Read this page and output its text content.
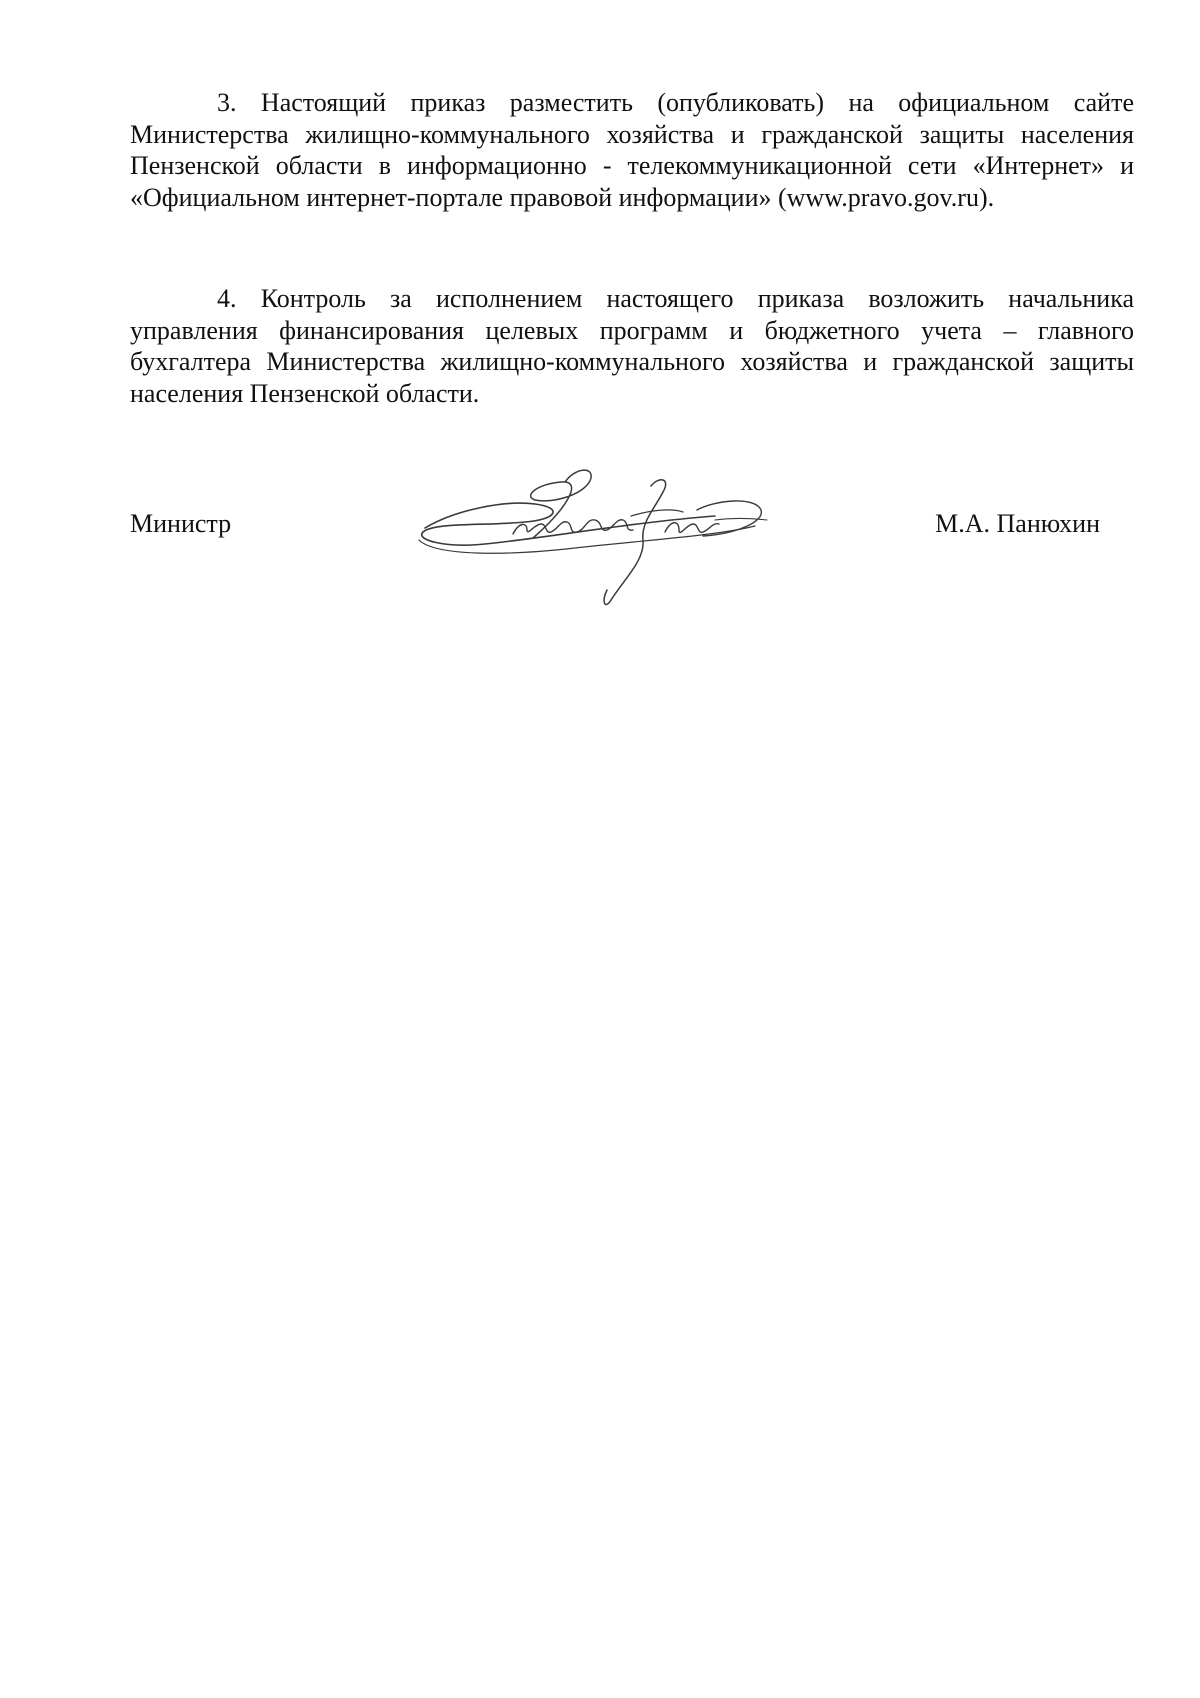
3. Настоящий приказ разместить (опубликовать) на официальном сайте Министерства жилищно-коммунального хозяйства и гражданской защиты населения Пензенской области в информационно - телекоммуникационной сети «Интернет» и «Официальном интернет-портале правовой информации» (www.pravo.gov.ru).

4. Контроль за исполнением настоящего приказа возложить начальника управления финансирования целевых программ и бюджетного учета – главного бухгалтера Министерства жилищно-коммунального хозяйства и гражданской защиты населения Пензенской области.

Министр	М.А. Панюхин
